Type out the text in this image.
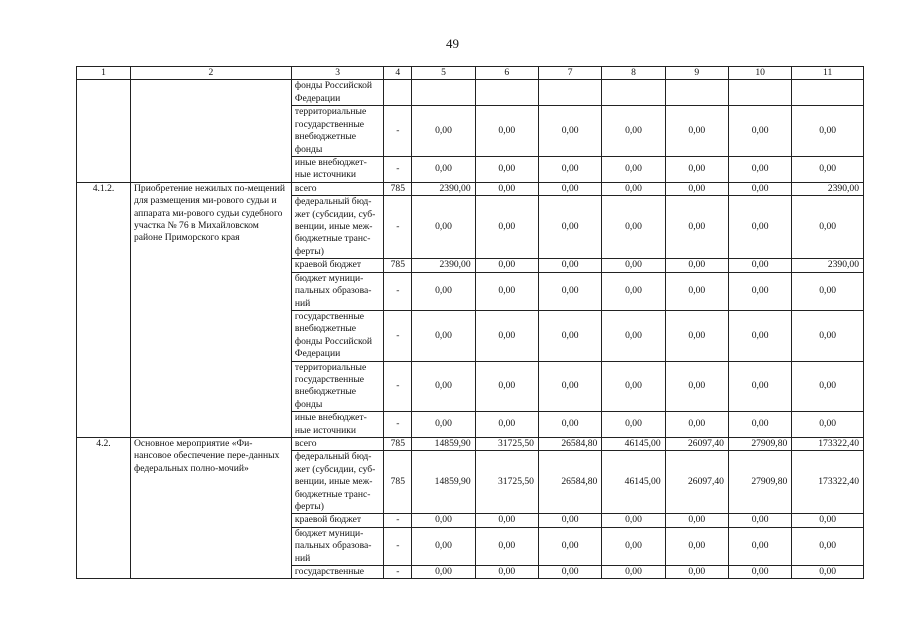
49
1	2	3	4	5	6	7	8	9	10	11
		фонды Российской Федерации								
		территориальные государственные внебюджетные фонды	-	0,00	0,00	0,00	0,00	0,00	0,00	0,00
		иные внебюджет-ные источники	-	0,00	0,00	0,00	0,00	0,00	0,00	0,00
4.1.2.	Приобретение нежилых по-мещений для размещения ми-рового судьи и аппарата ми-рового судьи судебного участка № 76 в Михайловском районе Приморского края	всего	785	2390,00	0,00	0,00	0,00	0,00	0,00	2390,00
		федеральный бюд-жет (субсидии, суб-венции, иные меж-бюджетные транс-ферты)	-	0,00	0,00	0,00	0,00	0,00	0,00	0,00
		краевой бюджет	785	2390,00	0,00	0,00	0,00	0,00	0,00	2390,00
		бюджет муници-пальных образова-ний	-	0,00	0,00	0,00	0,00	0,00	0,00	0,00
		государственные внебюджетные фонды Российской Федерации	-	0,00	0,00	0,00	0,00	0,00	0,00	0,00
		территориальные государственные внебюджетные фонды	-	0,00	0,00	0,00	0,00	0,00	0,00	0,00
		иные внебюджет-ные источники	-	0,00	0,00	0,00	0,00	0,00	0,00	0,00
4.2.	Основное мероприятие «Фи-нансовое обеспечение пере-данных федеральных полно-мочий»	всего	785	14859,90	31725,50	26584,80	46145,00	26097,40	27909,80	173322,40
		федеральный бюд-жет (субсидии, суб-венции, иные меж-бюджетные транс-ферты)	785	14859,90	31725,50	26584,80	46145,00	26097,40	27909,80	173322,40
		краевой бюджет	-	0,00	0,00	0,00	0,00	0,00	0,00	0,00
		бюджет муници-пальных образова-ний	-	0,00	0,00	0,00	0,00	0,00	0,00	0,00
		государственные	-	0,00	0,00	0,00	0,00	0,00	0,00	0,00
